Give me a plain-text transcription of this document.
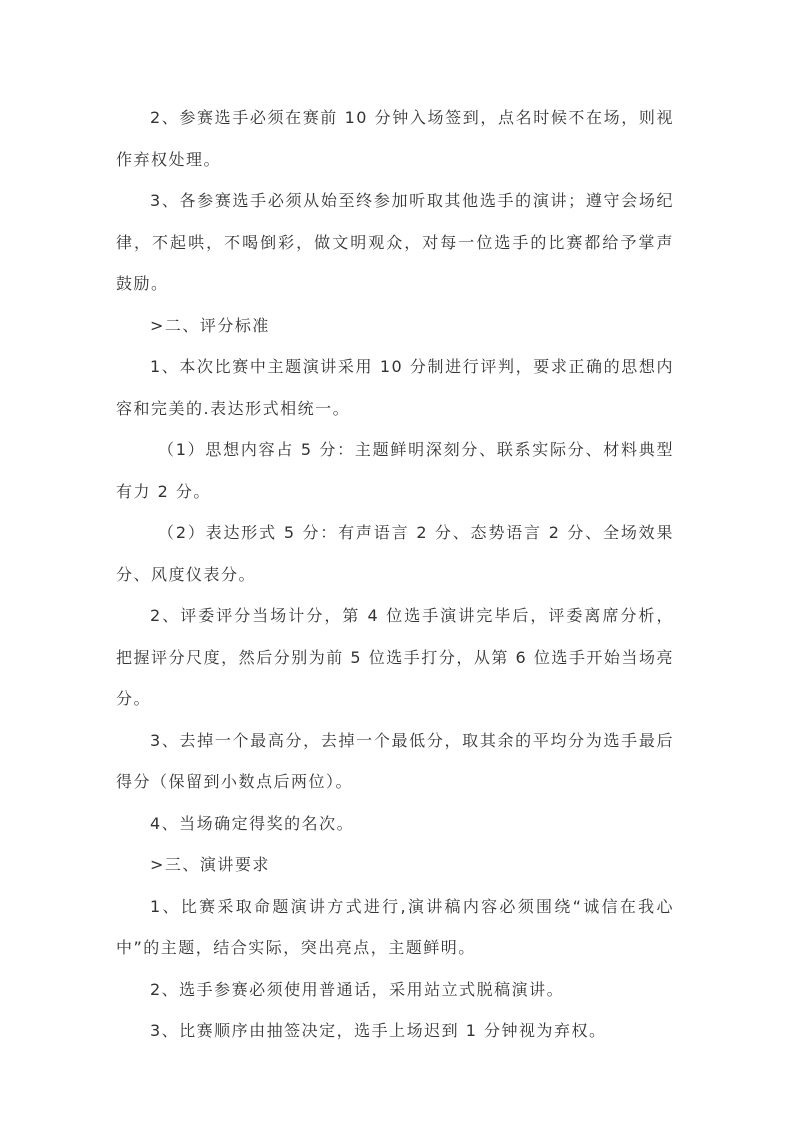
2、参赛选手必须在赛前 10 分钟入场签到，点名时候不在场，则视作弃权处理。

3、各参赛选手必须从始至终参加听取其他选手的演讲；遵守会场纪律，不起哄，不喝倒彩，做文明观众，对每一位选手的比赛都给予掌声鼓励。

>二、评分标准

1、本次比赛中主题演讲采用 10 分制进行评判，要求正确的思想内容和完美的.表达形式相统一。

（1）思想内容占 5 分：主题鲜明深刻分、联系实际分、材料典型有力 2 分。

（2）表达形式 5 分：有声语言 2 分、态势语言 2 分、全场效果分、风度仪表分。

2、评委评分当场计分，第 4 位选手演讲完毕后，评委离席分析，把握评分尺度，然后分别为前 5 位选手打分，从第 6 位选手开始当场亮分。

3、去掉一个最高分，去掉一个最低分，取其余的平均分为选手最后得分（保留到小数点后两位）。

4、当场确定得奖的名次。

>三、演讲要求

1、比赛采取命题演讲方式进行,演讲稿内容必须围绕“诚信在我心中”的主题，结合实际，突出亮点，主题鲜明。

2、选手参赛必须使用普通话，采用站立式脱稿演讲。

3、比赛顺序由抽签决定，选手上场迟到 1 分钟视为弃权。
